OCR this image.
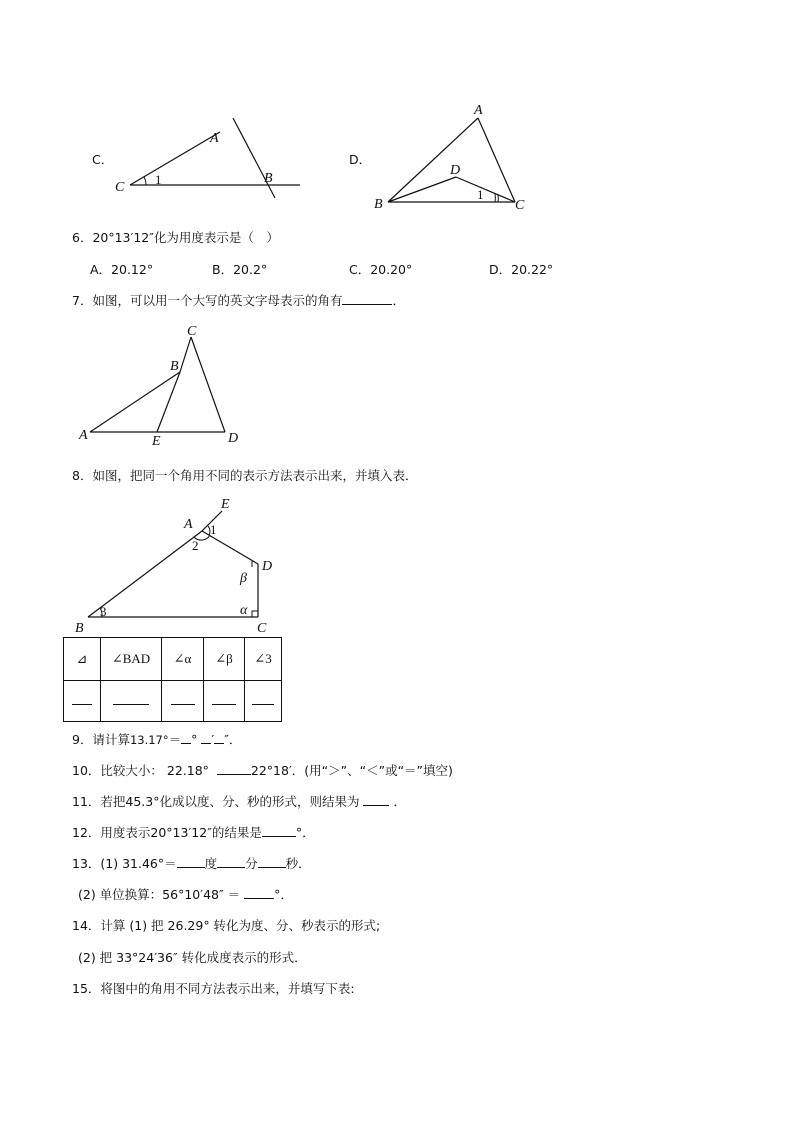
C．
A
B
C
1
D．
A
B	C
D
1
6．20°13′12″化为用度表示是（　）
A．20.12°	B．20.2°	C．20.20°	D．20.22°
7．如图，可以用一个大写的英文字母表示的角有	．
A
B
C
D
E
8．如图，把同一个角用不同的表示方法表示出来，并填入表．
A
B	C
D
E
1
2
3	α
β
⊿	∠BAD	∠α	∠β	∠3

9．请计算13.17°＝ ° ′ ″．
10．比较大小： 22.18°	22°18′．(用“＞”、“＜”或“＝”填空)
11．若把45.3°化成以度、分、秒的形式，则结果为	．
12．用度表示20°13′12″的结果是	°．
13．(1) 31.46°＝ 度 分 秒．
(2) 单位换算：56°10′48″ ＝	°．
14．计算 (1) 把 26.29° 转化为度、分、秒表示的形式;
(2) 把 33°24′36″ 转化成度表示的形式．
15．将图中的角用不同方法表示出来，并填写下表:
